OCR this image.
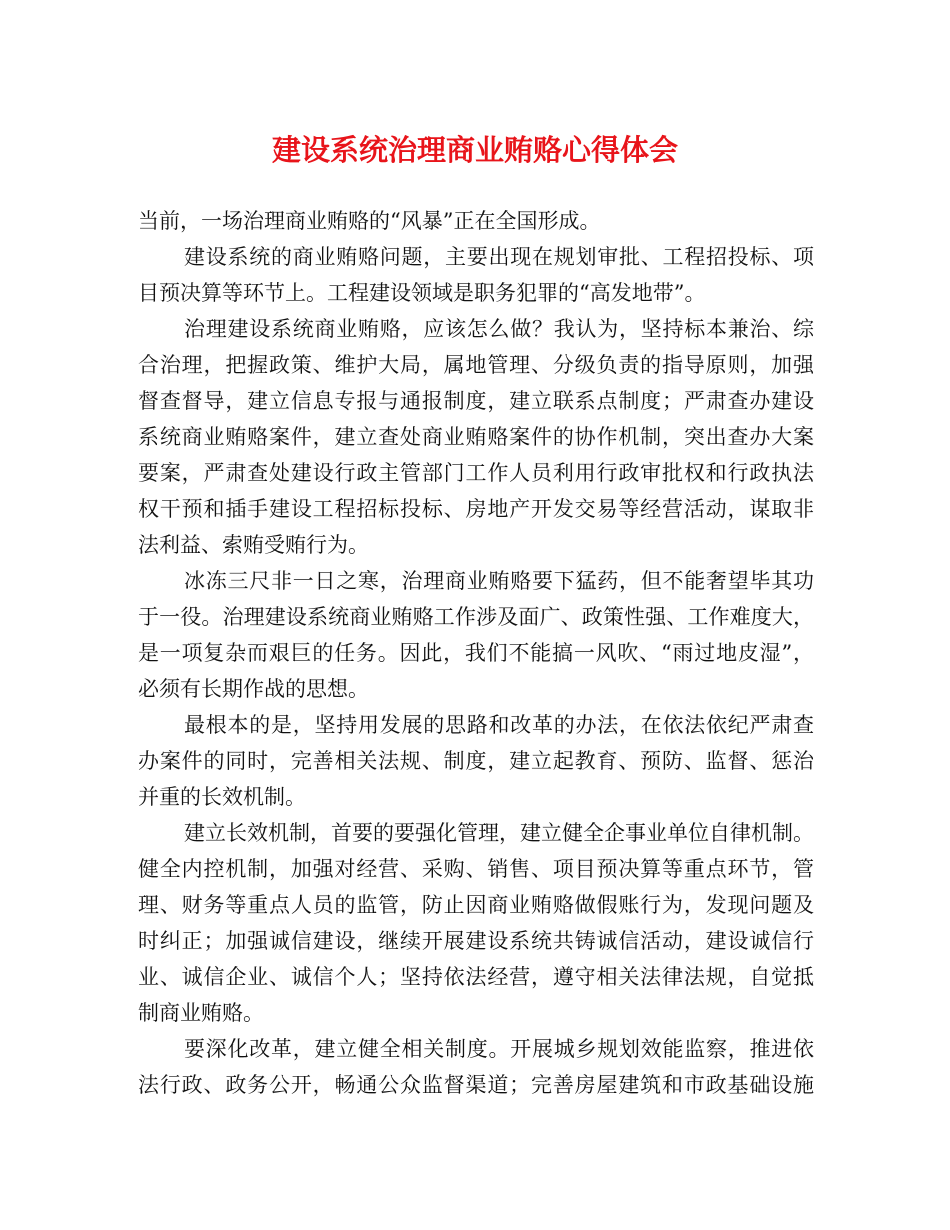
建设系统治理商业贿赂心得体会
当前，一场治理商业贿赂的“风暴”正在全国形成。
建设系统的商业贿赂问题，主要出现在规划审批、工程招投标、项
目预决算等环节上。工程建设领域是职务犯罪的“高发地带”。
治理建设系统商业贿赂，应该怎么做？我认为，坚持标本兼治、综
合治理，把握政策、维护大局，属地管理、分级负责的指导原则，加强
督查督导，建立信息专报与通报制度，建立联系点制度；严肃查办建设
系统商业贿赂案件，建立查处商业贿赂案件的协作机制，突出查办大案
要案，严肃查处建设行政主管部门工作人员利用行政审批权和行政执法
权干预和插手建设工程招标投标、房地产开发交易等经营活动，谋取非
法利益、索贿受贿行为。
冰冻三尺非一日之寒，治理商业贿赂要下猛药，但不能奢望毕其功
于一役。治理建设系统商业贿赂工作涉及面广、政策性强、工作难度大，
是一项复杂而艰巨的任务。因此，我们不能搞一风吹、“雨过地皮湿”，
必须有长期作战的思想。
最根本的是，坚持用发展的思路和改革的办法，在依法依纪严肃查
办案件的同时，完善相关法规、制度，建立起教育、预防、监督、惩治
并重的长效机制。
建立长效机制，首要的要强化管理，建立健全企事业单位自律机制。
健全内控机制，加强对经营、采购、销售、项目预决算等重点环节，管
理、财务等重点人员的监管，防止因商业贿赂做假账行为，发现问题及
时纠正；加强诚信建设，继续开展建设系统共铸诚信活动，建设诚信行
业、诚信企业、诚信个人；坚持依法经营，遵守相关法律法规，自觉抵
制商业贿赂。
要深化改革，建立健全相关制度。开展城乡规划效能监察，推进依
法行政、政务公开，畅通公众监督渠道；完善房屋建筑和市政基础设施
